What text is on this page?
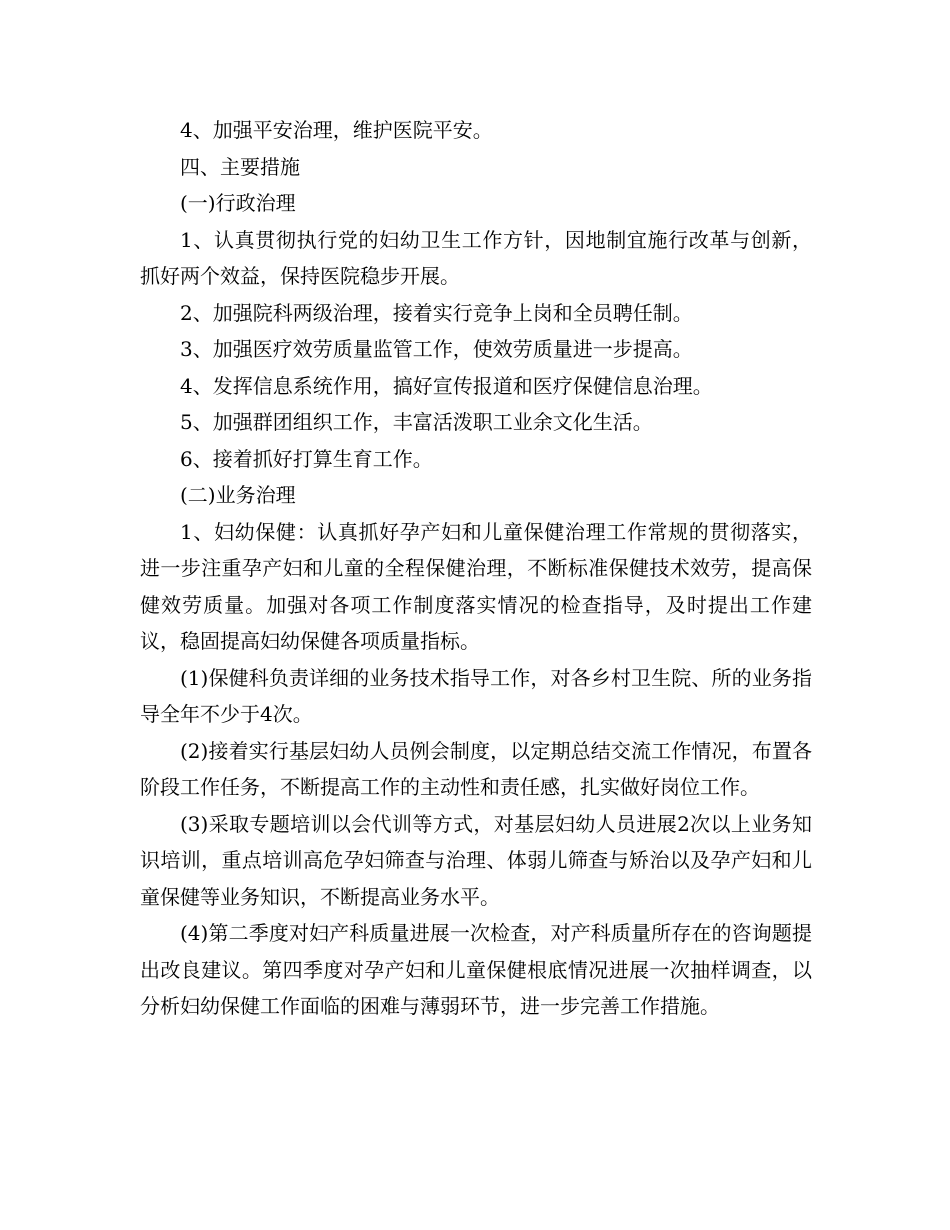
4、加强平安治理，维护医院平安。

四、主要措施

(一)行政治理

1、认真贯彻执行党的妇幼卫生工作方针，因地制宜施行改革与创新，抓好两个效益，保持医院稳步开展。

2、加强院科两级治理，接着实行竞争上岗和全员聘任制。

3、加强医疗效劳质量监管工作，使效劳质量进一步提高。

4、发挥信息系统作用，搞好宣传报道和医疗保健信息治理。

5、加强群团组织工作，丰富活泼职工业余文化生活。

6、接着抓好打算生育工作。

(二)业务治理

1、妇幼保健：认真抓好孕产妇和儿童保健治理工作常规的贯彻落实，进一步注重孕产妇和儿童的全程保健治理，不断标准保健技术效劳，提高保健效劳质量。加强对各项工作制度落实情况的检查指导，及时提出工作建议，稳固提高妇幼保健各项质量指标。

(1)保健科负责详细的业务技术指导工作，对各乡村卫生院、所的业务指导全年不少于4次。

(2)接着实行基层妇幼人员例会制度，以定期总结交流工作情况，布置各阶段工作任务，不断提高工作的主动性和责任感，扎实做好岗位工作。

(3)采取专题培训以会代训等方式，对基层妇幼人员进展2次以上业务知识培训，重点培训高危孕妇筛查与治理、体弱儿筛查与矫治以及孕产妇和儿童保健等业务知识，不断提高业务水平。

(4)第二季度对妇产科质量进展一次检查，对产科质量所存在的咨询题提出改良建议。第四季度对孕产妇和儿童保健根底情况进展一次抽样调查，以分析妇幼保健工作面临的困难与薄弱环节，进一步完善工作措施。
